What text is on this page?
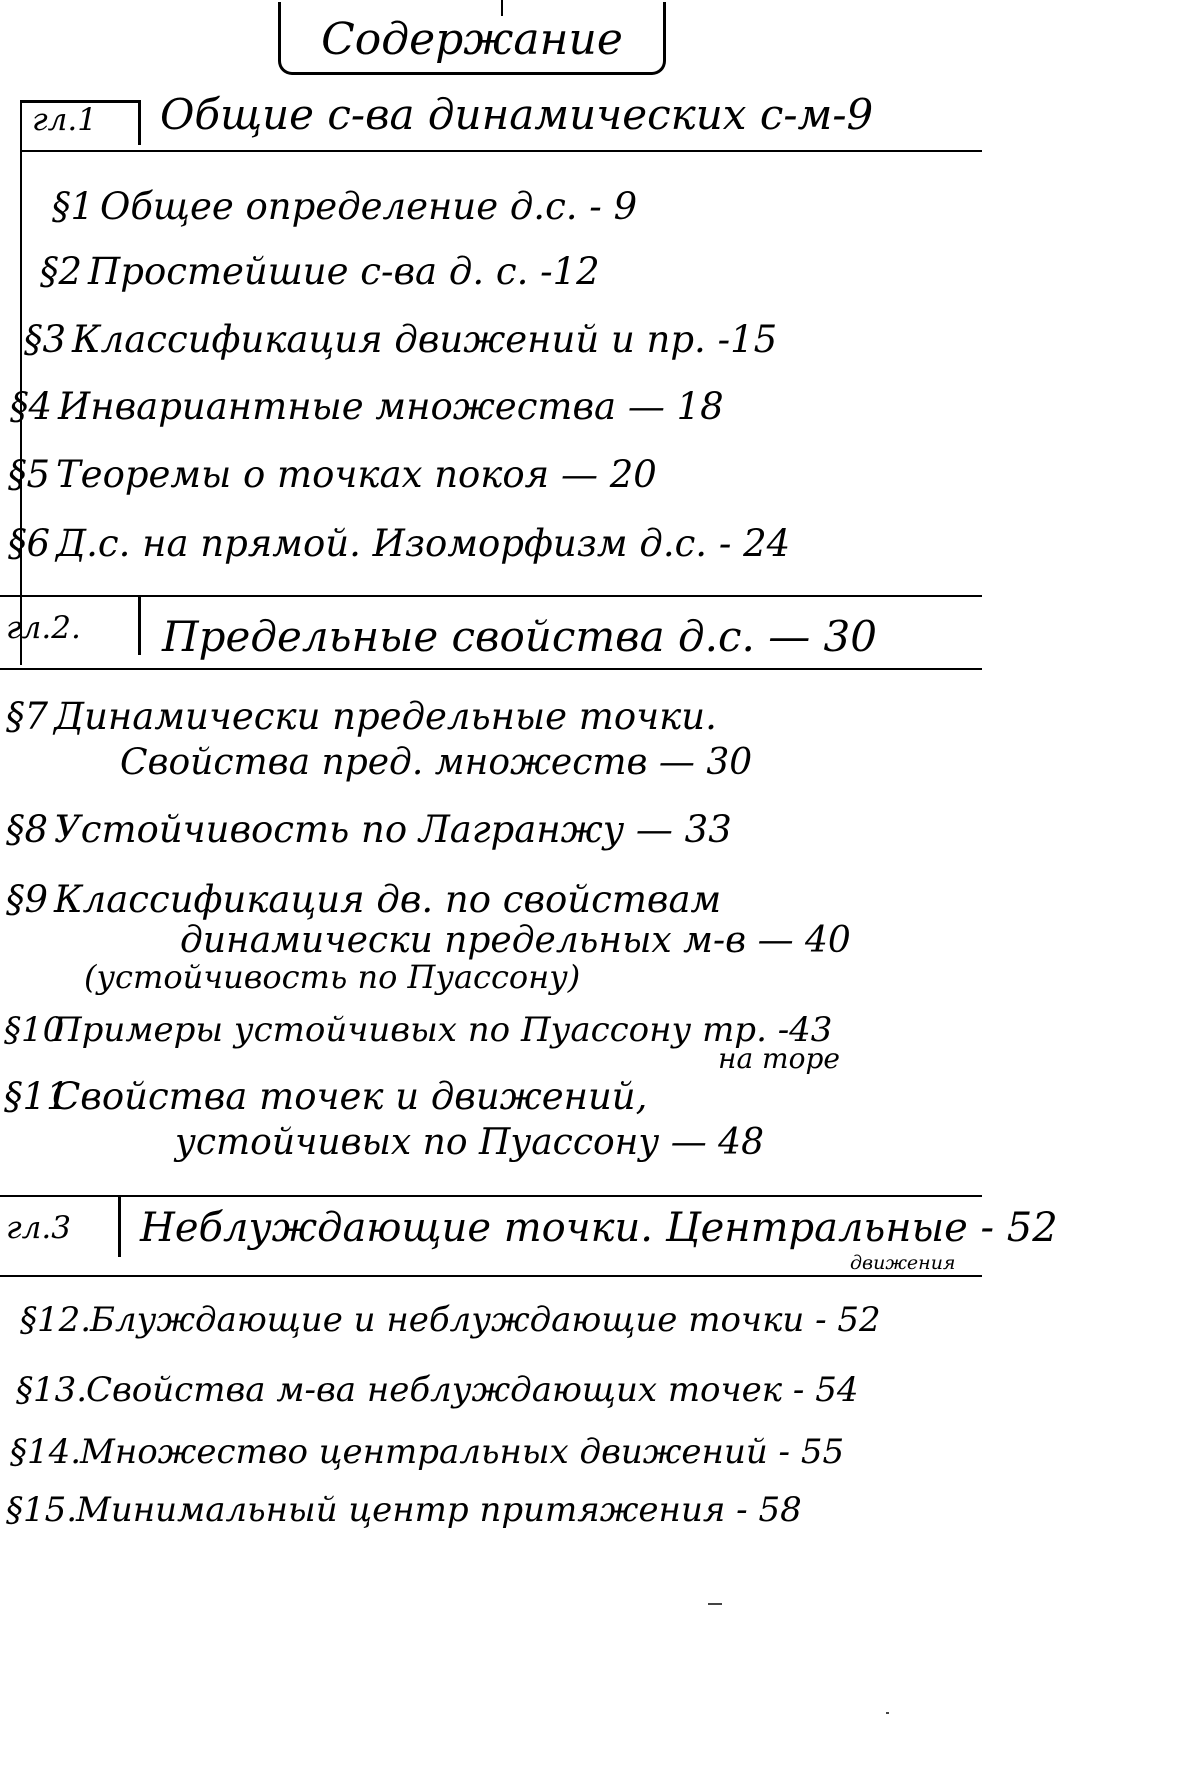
Содержание
гл.1 Общие с-ва динамических с-м-9
§1 Общее определение д.с. - 9
§2 Простейшие с-ва д. с. -12
§3 Классификация движений и пр. -15
§4 Инвариантные множества — 18
§5 Теоремы о точках покоя — 20
§6 Д.с. на прямой. Изоморфизм д.с. - 24
гл.2. Предельные свойства д.с. — 30
§7 Динамически предельные точки.
Свойства пред. множеств — 30
§8 Устойчивость по Лагранжу — 33
§9 Классификация дв. по свойствам
динамически предельных м-в — 40
(устойчивость по Пуассону)
§10Примеры устойчивых по Пуассону тр. -43
на торе
§11Свойства точек и движений,
устойчивых по Пуассону — 48
гл.3 Неблуждающие точки. Центральные - 52
движения
§12.Блуждающие и неблуждающие точки - 52
§13.Свойства м-ва неблуждающих точек - 54
§14.Множество центральных движений - 55
§15.Минимальный центр притяжения - 58
